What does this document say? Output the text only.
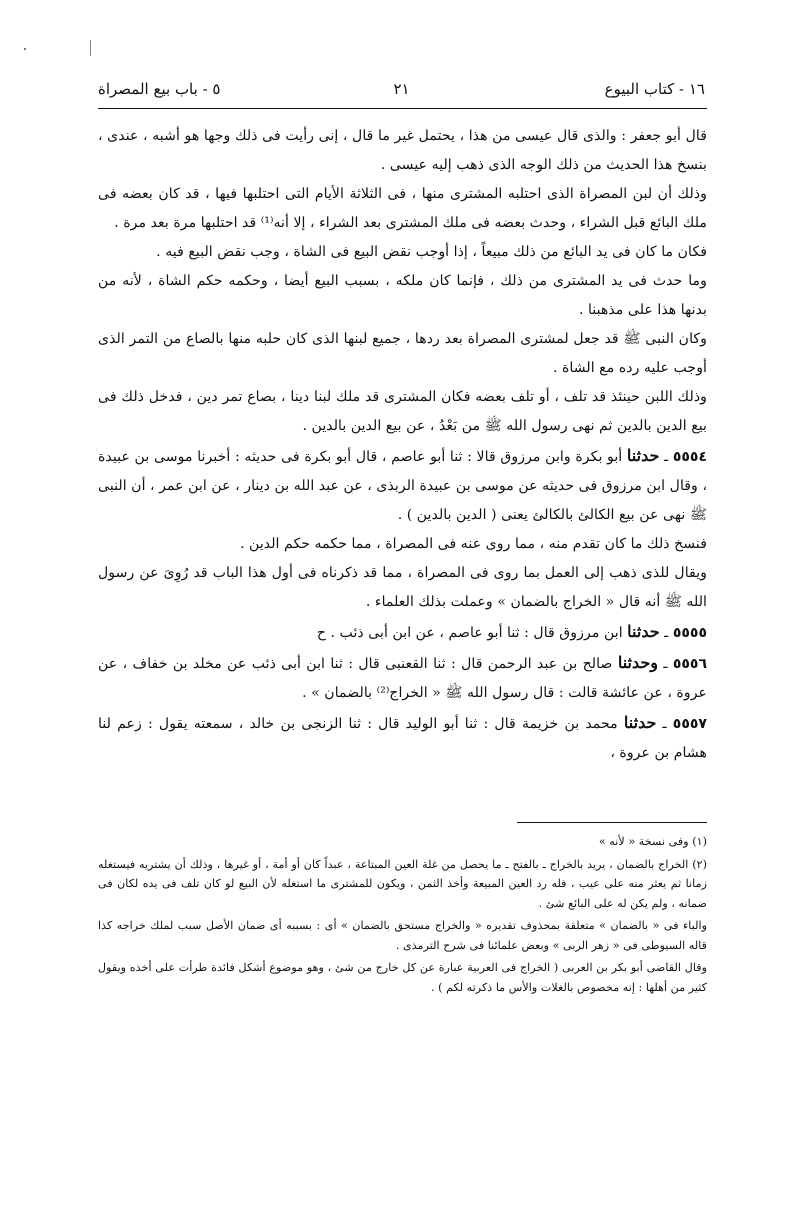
١٦ - كتاب البيوع
٢١
٥ - باب بيع المصراة

قال أبو جعفر : والذى قال عيسى من هذا ، يحتمل غير ما قال ، إنى رأيت فى ذلك وجها هو أشبه ، عندى ، بنسخ هذا الحديث من ذلك الوجه الذى ذهب إليه عيسى .

وذلك أن لبن المصراة الذى احتلبه المشترى منها ، فى الثلاثة الأيام التى احتلبها فيها ، قد كان بعضه فى ملك البائع قبل الشراء ، وحدث بعضه فى ملك المشترى بعد الشراء ، إلا أنه⁽¹⁾ قد احتلبها مرة بعد مرة .

فكان ما كان فى يد البائع من ذلك مبيعاً ، إذا أوجب نقض البيع فى الشاة ، وجب نقض البيع فيه .

وما حدث فى يد المشترى من ذلك ، فإنما كان ملكه ، بسبب البيع أيضا ، وحكمه حكم الشاة ، لأنه من بدنها هذا على مذهبنا .

وكان النبى ﷺ قد جعل لمشترى المصراة بعد ردها ، جميع لبنها الذى كان حلبه منها بالصاع من التمر الذى أوجب عليه رده مع الشاة .

وذلك اللبن حينئذ قد تلف ، أو تلف بعضه فكان المشترى قد ملك لبنا دينا ، بصاع تمر دين ، فدخل ذلك فى بيع الدين بالدين ثم نهى رسول الله ﷺ من بَعْدُ ، عن بيع الدين بالدين .

٥٥٥٤ ـ حدثنا أبو بكرة وابن مرزوق قالا : ثنا أبو عاصم ، قال أبو بكرة فى حديثه : أخبرنا موسى بن عبيدة ، وقال ابن مرزوق فى حديثه عن موسى بن عبيدة الربذى ، عن عبد الله بن دينار ، عن ابن عمر ، أن النبى ﷺ نهى عن بيع الكالئ بالكالئ يعنى ( الدين بالدين ) .

فنسخ ذلك ما كان تقدم منه ، مما روى عنه فى المصراة ، مما حكمه حكم الدين .

ويقال للذى ذهب إلى العمل بما روى فى المصراة ، مما قد ذكرناه فى أول هذا الباب قد رُوِىَ عن رسول الله ﷺ أنه قال « الخراج بالضمان » وعملت بذلك العلماء .

٥٥٥٥ ـ حدثنا ابن مرزوق قال : ثنا أبو عاصم ، عن ابن أبى ذئب . ح

٥٥٥٦ ـ وحدثنا صالح بن عبد الرحمن قال : ثنا القعنبى قال : ثنا ابن أبى ذئب عن مخلد بن خفاف ، عن عروة ، عن عائشة قالت : قال رسول الله ﷺ « الخراج⁽²⁾ بالضمان » .

٥٥٥٧ ـ حدثنا محمد بن خزيمة قال : ثنا أبو الوليد قال : ثنا الزنجى بن خالد ، سمعته يقول : زعم لنا هشام بن عروة ،

(١) وفى نسخة « لأنه »

(٢) الخراج بالضمان ، يريد بالخراج ـ بالفتح ـ ما يحصل من غلة العين المبتاعة ، عبداً كان أو أمة ، أو غيرها ، وذلك أن يشتريه فيستغله زمانا ثم يعثر منه على عيب ، فله رد العين المبيعة وأخذ الثمن ، ويكون للمشترى ما استغله لأن البيع لو كان تلف فى يده لكان فى ضمانه ، ولم يكن له على البائع شئ .

والباء فى « بالضمان » متعلقة بمحذوف تقديره « والخراج مستحق بالضمان » أى : بسببه أى ضمان الأصل سبب لملك خراجه كذا قاله السيوطى فى « زهر الربى » وبعض علمائنا فى شرح الترمذى .

وقال القاضى أبو بكر بن العربى ( الخراج فى العربية عبارة عن كل خارج من شئ ، وهو موضوع أشكل فائدة طرأت على أخذه ويقول كثير من أهلها : إنه مخصوص بالغلات والأس ما ذكرته لكم ) .
